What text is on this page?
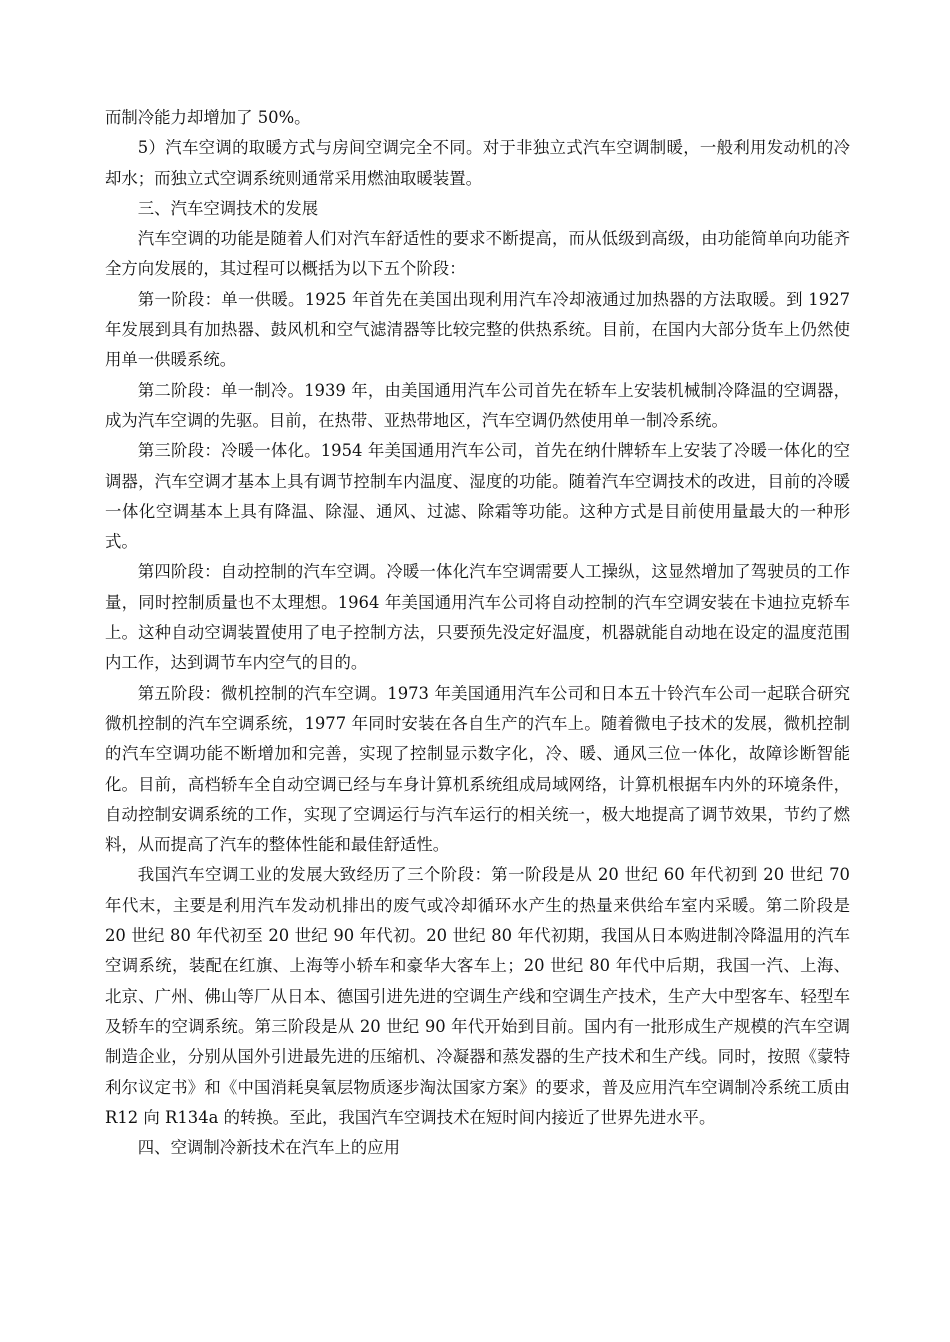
而制冷能力却增加了 50%。

5）汽车空调的取暖方式与房间空调完全不同。对于非独立式汽车空调制暖，一般利用发动机的冷却水；而独立式空调系统则通常采用燃油取暖装置。

三、汽车空调技术的发展

汽车空调的功能是随着人们对汽车舒适性的要求不断提高，而从低级到高级，由功能简单向功能齐全方向发展的，其过程可以概括为以下五个阶段：

第一阶段：单一供暖。1925 年首先在美国出现利用汽车冷却液通过加热器的方法取暖。到 1927 年发展到具有加热器、鼓风机和空气滤清器等比较完整的供热系统。目前，在国内大部分货车上仍然使用单一供暖系统。

第二阶段：单一制冷。1939 年，由美国通用汽车公司首先在轿车上安装机械制冷降温的空调器，成为汽车空调的先驱。目前，在热带、亚热带地区，汽车空调仍然使用单一制冷系统。

第三阶段：冷暖一体化。1954 年美国通用汽车公司，首先在纳什牌轿车上安装了冷暖一体化的空调器，汽车空调才基本上具有调节控制车内温度、湿度的功能。随着汽车空调技术的改进，目前的冷暖一体化空调基本上具有降温、除湿、通风、过滤、除霜等功能。这种方式是目前使用量最大的一种形式。

第四阶段：自动控制的汽车空调。冷暖一体化汽车空调需要人工操纵，这显然增加了驾驶员的工作量，同时控制质量也不太理想。1964 年美国通用汽车公司将自动控制的汽车空调安装在卡迪拉克轿车上。这种自动空调装置使用了电子控制方法，只要预先没定好温度，机器就能自动地在设定的温度范围内工作，达到调节车内空气的目的。

第五阶段：微机控制的汽车空调。1973 年美国通用汽车公司和日本五十铃汽车公司一起联合研究微机控制的汽车空调系统，1977 年同时安装在各自生产的汽车上。随着微电子技术的发展，微机控制的汽车空调功能不断增加和完善，实现了控制显示数字化，冷、暖、通风三位一体化，故障诊断智能化。目前，高档轿车全自动空调已经与车身计算机系统组成局域网络，计算机根据车内外的环境条件，自动控制安调系统的工作，实现了空调运行与汽车运行的相关统一，极大地提高了调节效果，节约了燃料，从而提高了汽车的整体性能和最佳舒适性。

我国汽车空调工业的发展大致经历了三个阶段：第一阶段是从 20 世纪 60 年代初到 20 世纪 70 年代末，主要是利用汽车发动机排出的废气或冷却循环水产生的热量来供给车室内采暖。第二阶段是 20 世纪 80 年代初至 20 世纪 90 年代初。20 世纪 80 年代初期，我国从日本购进制冷降温用的汽车空调系统，装配在红旗、上海等小轿车和豪华大客车上；20 世纪 80 年代中后期，我国一汽、上海、北京、广州、佛山等厂从日本、德国引进先进的空调生产线和空调生产技术，生产大中型客车、轻型车及轿车的空调系统。第三阶段是从 20 世纪 90 年代开始到目前。国内有一批形成生产规模的汽车空调制造企业，分别从国外引进最先进的压缩机、冷凝器和蒸发器的生产技术和生产线。同时，按照《蒙特利尔议定书》和《中国消耗臭氧层物质逐步淘汰国家方案》的要求，普及应用汽车空调制冷系统工质由 R12 向 R134a 的转换。至此，我国汽车空调技术在短时间内接近了世界先进水平。

四、空调制冷新技术在汽车上的应用
